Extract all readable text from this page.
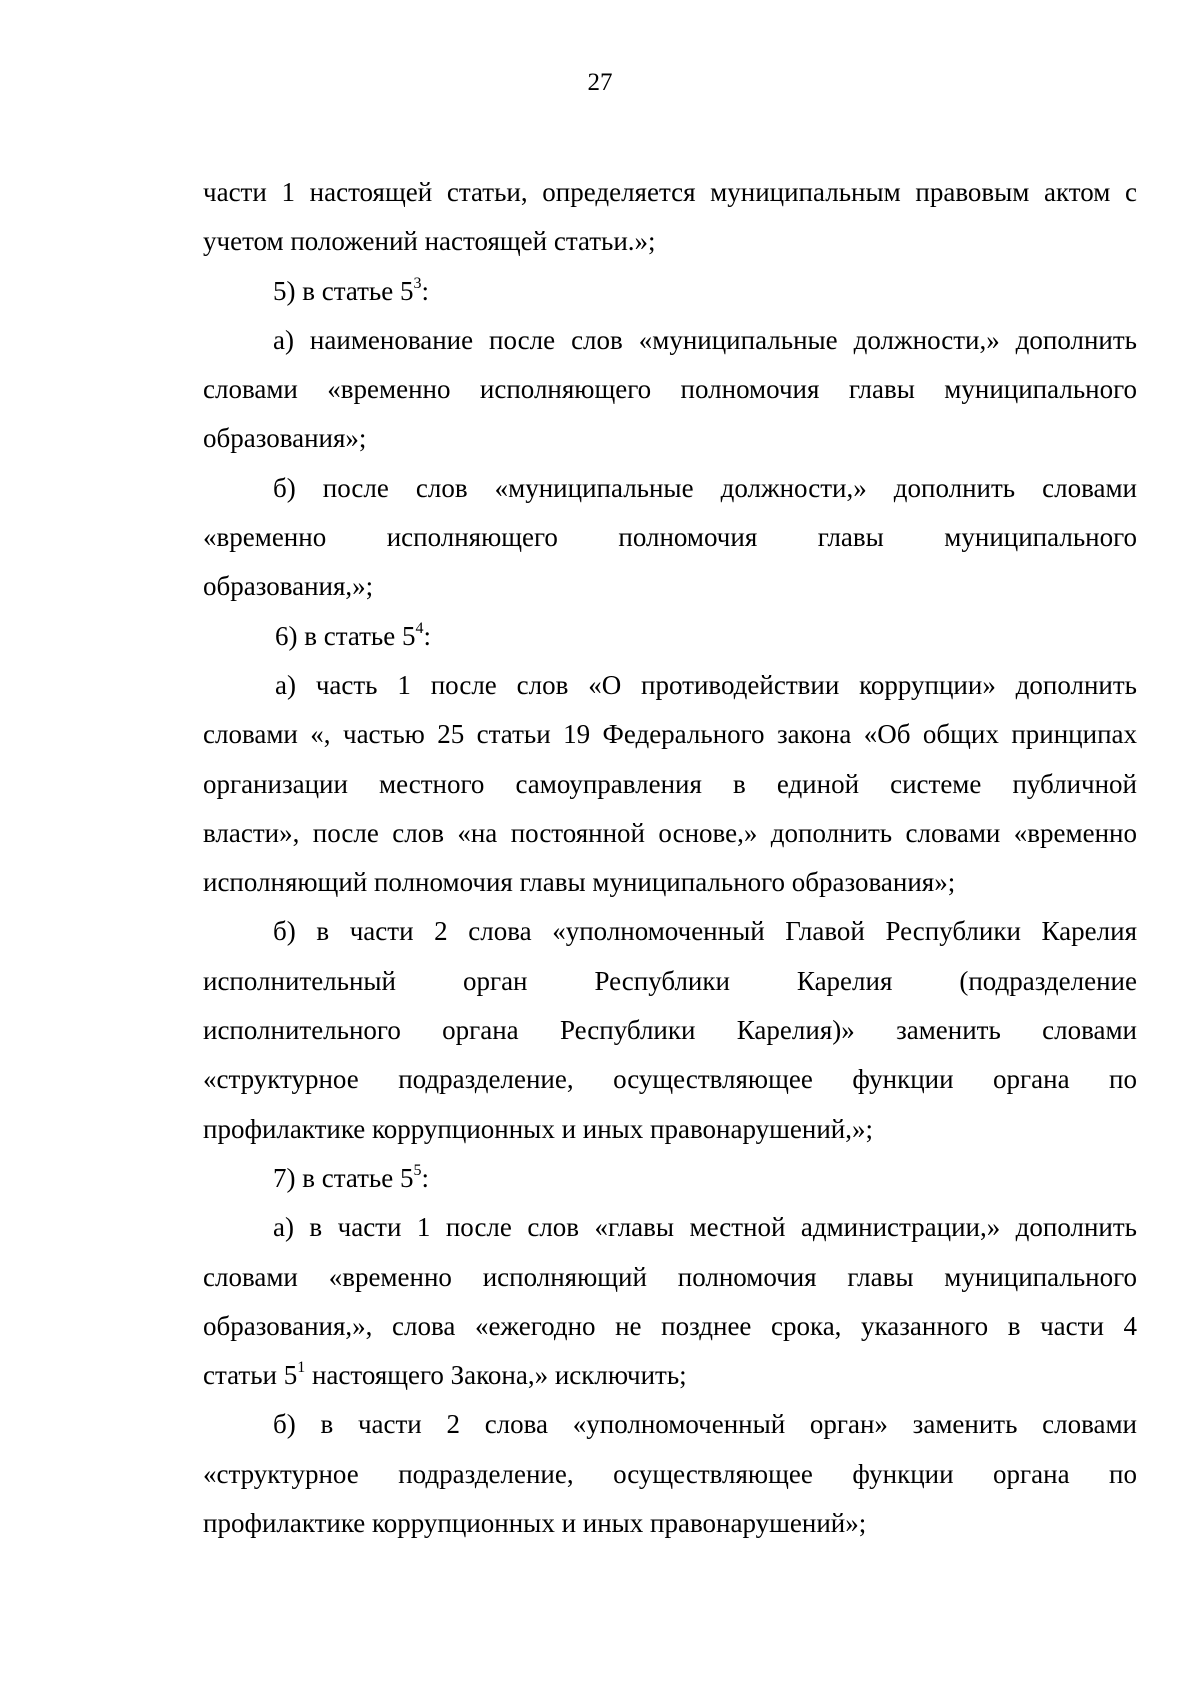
27
части 1 настоящей статьи, определяется муниципальным правовым актом с
учетом положений настоящей статьи.»;
5) в статье $5^3$:
а) наименование после слов «муниципальные должности,» дополнить
словами «временно исполняющего полномочия главы муниципального
образования»;
б) после слов «муниципальные должности,» дополнить словами
«временно исполняющего полномочия главы муниципального
образования,»;
6) в статье $5^4$:
а) часть 1 после слов «О противодействии коррупции» дополнить
словами «, частью 25 статьи 19 Федерального закона «Об общих принципах
организации местного самоуправления в единой системе публичной
власти», после слов «на постоянной основе,» дополнить словами «временно
исполняющий полномочия главы муниципального образования»;
б) в части 2 слова «уполномоченный Главой Республики Карелия
исполнительный орган Республики Карелия (подразделение
исполнительного органа Республики Карелия)» заменить словами
«структурное подразделение, осуществляющее функции органа по
профилактике коррупционных и иных правонарушений,»;
7) в статье $5^5$:
а) в части 1 после слов «главы местной администрации,» дополнить
словами «временно исполняющий полномочия главы муниципального
образования,», слова «ежегодно не позднее срока, указанного в части 4
статьи $5^1$ настоящего Закона,» исключить;
б) в части 2 слова «уполномоченный орган» заменить словами
«структурное подразделение, осуществляющее функции органа по
профилактике коррупционных и иных правонарушений»;
